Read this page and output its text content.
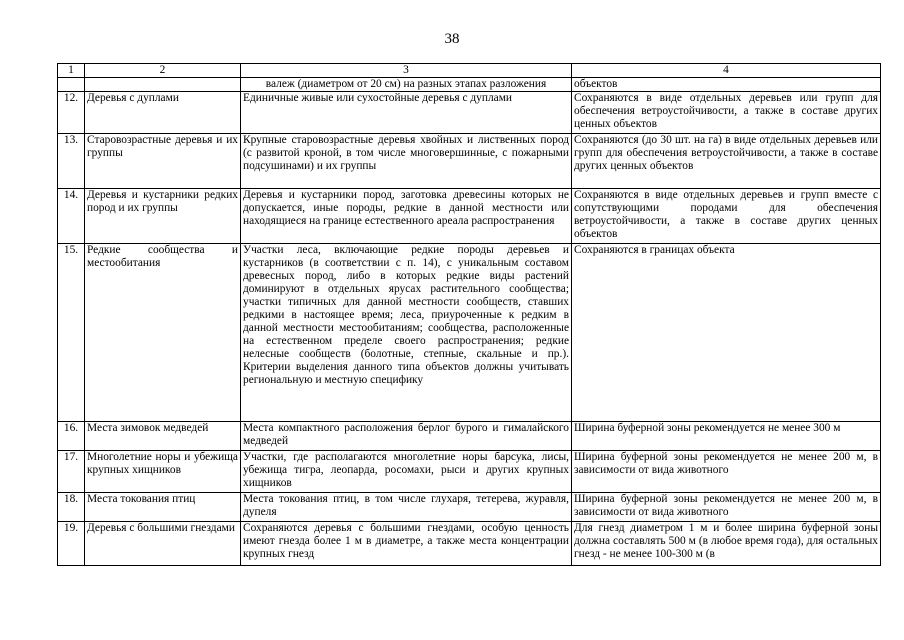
38
1	2	3	4
		валеж (диаметром от 20 см) на разных этапах разложения	объектов
12.	Деревья с дуплами	Единичные живые или сухостойные деревья с дуплами	Сохраняются в виде отдельных деревьев или групп для обеспечения ветроустойчивости, а также в составе других ценных объектов
13.	Старовозрастные деревья и их группы	Крупные старовозрастные деревья хвойных и лиственных пород (с развитой кроной, в том числе многовершинные, с пожарными подсушинами) и их группы	Сохраняются (до 30 шт. на га) в виде отдельных деревьев или групп для обеспечения ветроустойчивости, а также в составе других ценных объектов
14.	Деревья и кустарники редких пород и их группы	Деревья и кустарники пород, заготовка древесины которых не допускается, иные породы, редкие в данной местности или находящиеся на границе естественного ареала распространения	Сохраняются в виде отдельных деревьев и групп вместе с сопутствующими породами для обеспечения ветроустойчивости, а также в составе других ценных объектов
15.	Редкие сообщества и местообитания	Участки леса, включающие редкие породы деревьев и кустарников (в соответствии с п. 14), с уникальным составом древесных пород, либо в которых редкие виды растений доминируют в отдельных ярусах растительного сообщества; участки типичных для данной местности сообществ, ставших редкими в настоящее время; леса, приуроченные к редким в данной местности местообитаниям; сообщества, расположенные на естественном пределе своего распространения; редкие нелесные сообществ (болотные, степные, скальные и пр.). Критерии выделения данного типа объектов должны учитывать региональную и местную специфику	Сохраняются в границах объекта
16.	Места зимовок медведей	Места компактного расположения берлог бурого и гималайского медведей	Ширина буферной зоны рекомендуется не менее 300 м
17.	Многолетние норы и убежища крупных хищников	Участки, где располагаются многолетние норы барсука, лисы, убежища тигра, леопарда, росомахи, рыси и других крупных хищников	Ширина буферной зоны рекомендуется не менее 200 м, в зависимости от вида животного
18.	Места токования птиц	Места токования птиц, в том числе глухаря, тетерева, журавля, дупеля	Ширина буферной зоны рекомендуется не менее 200 м, в зависимости от вида животного
19.	Деревья с большими гнездами	Сохраняются деревья с большими гнездами, особую ценность имеют гнезда более 1 м в диаметре, а также места концентрации крупных гнезд	Для гнезд диаметром 1 м и более ширина буферной зоны должна составлять 500 м (в любое время года), для остальных гнезд - не менее 100-300 м (в
